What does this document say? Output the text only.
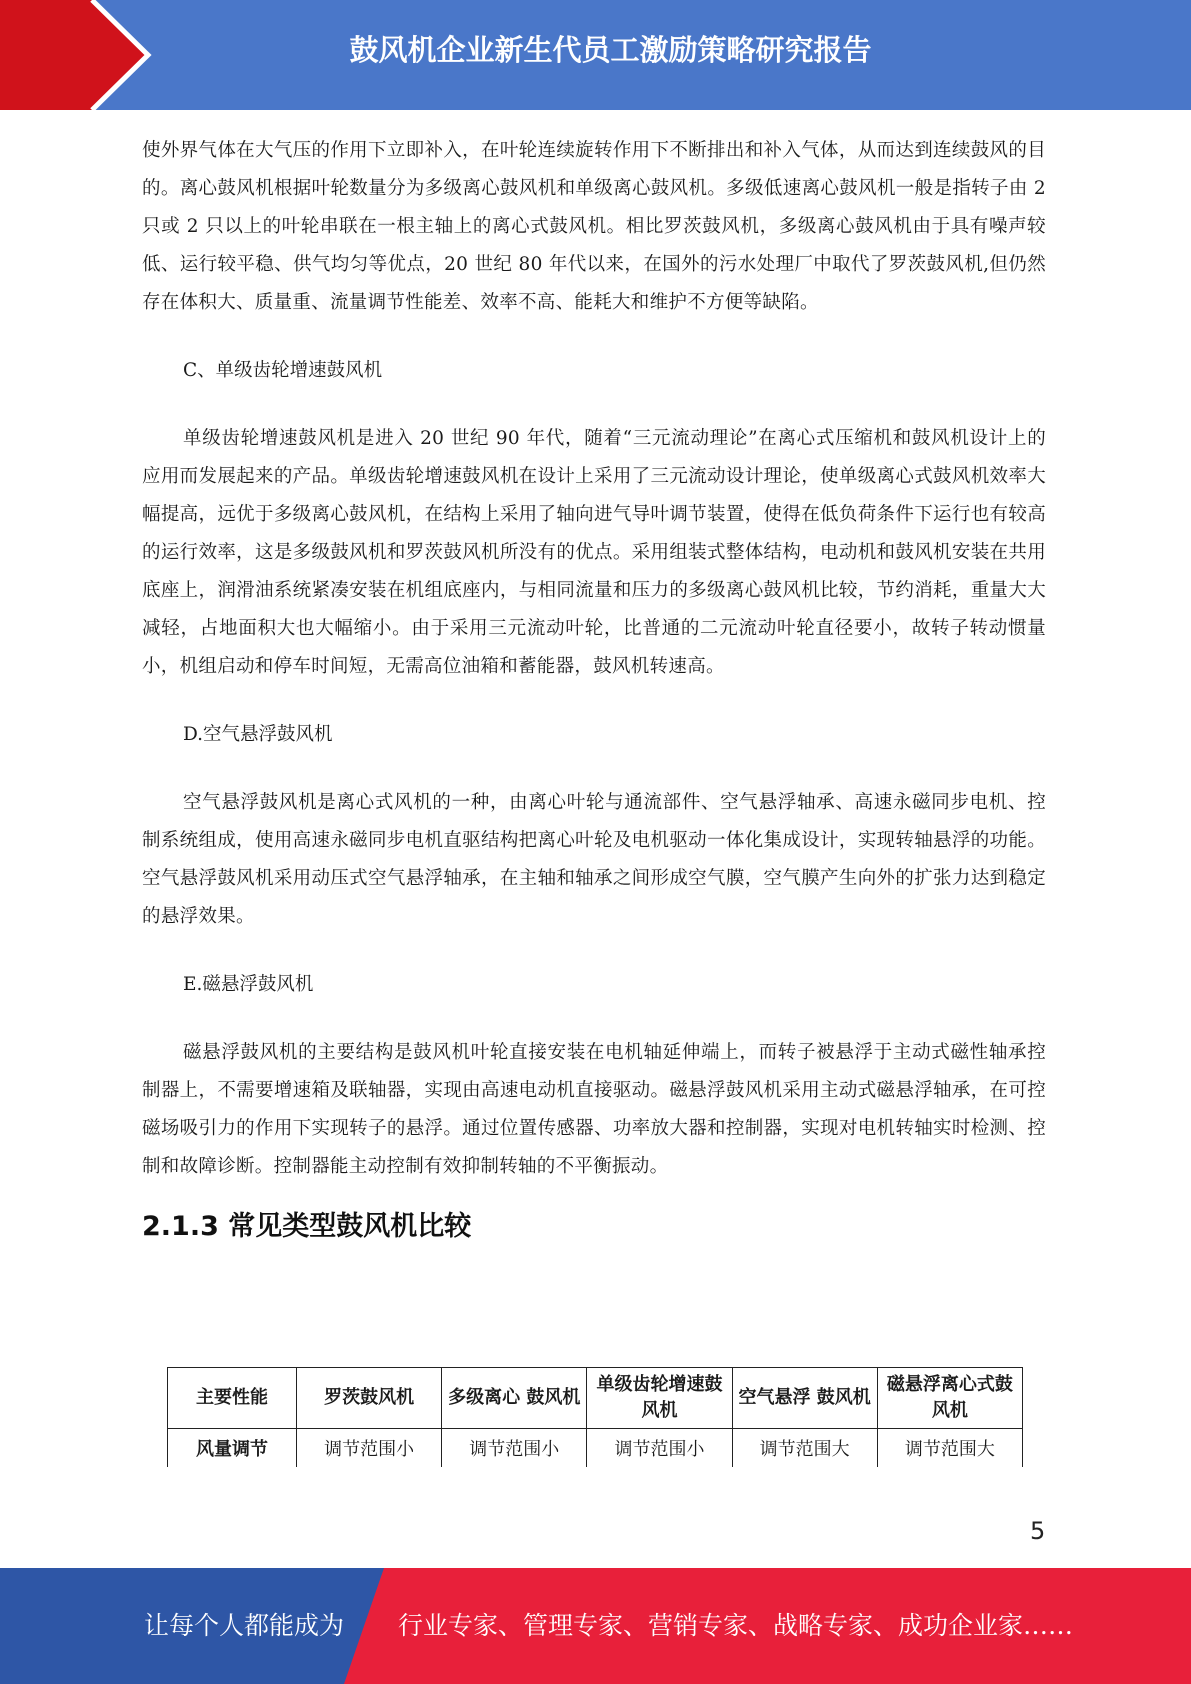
鼓风机企业新生代员工激励策略研究报告

使外界气体在大气压的作用下立即补入，在叶轮连续旋转作用下不断排出和补入气体，从而达到连续鼓风的目的。离心鼓风机根据叶轮数量分为多级离心鼓风机和单级离心鼓风机。多级低速离心鼓风机一般是指转子由 2 只或 2 只以上的叶轮串联在一根主轴上的离心式鼓风机。相比罗茨鼓风机，多级离心鼓风机由于具有噪声较低、运行较平稳、供气均匀等优点，20 世纪 80 年代以来，在国外的污水处理厂中取代了罗茨鼓风机,但仍然存在体积大、质量重、流量调节性能差、效率不高、能耗大和维护不方便等缺陷。

C、单级齿轮增速鼓风机

单级齿轮增速鼓风机是进入 20 世纪 90 年代，随着“三元流动理论”在离心式压缩机和鼓风机设计上的应用而发展起来的产品。单级齿轮增速鼓风机在设计上采用了三元流动设计理论，使单级离心式鼓风机效率大幅提高，远优于多级离心鼓风机，在结构上采用了轴向进气导叶调节装置，使得在低负荷条件下运行也有较高的运行效率，这是多级鼓风机和罗茨鼓风机所没有的优点。采用组装式整体结构，电动机和鼓风机安装在共用底座上，润滑油系统紧凑安装在机组底座内，与相同流量和压力的多级离心鼓风机比较，节约消耗，重量大大减轻，占地面积大也大幅缩小。由于采用三元流动叶轮，比普通的二元流动叶轮直径要小，故转子转动惯量小，机组启动和停车时间短，无需高位油箱和蓄能器，鼓风机转速高。

D.空气悬浮鼓风机

空气悬浮鼓风机是离心式风机的一种，由离心叶轮与通流部件、空气悬浮轴承、高速永磁同步电机、控制系统组成，使用高速永磁同步电机直驱结构把离心叶轮及电机驱动一体化集成设计，实现转轴悬浮的功能。空气悬浮鼓风机采用动压式空气悬浮轴承，在主轴和轴承之间形成空气膜，空气膜产生向外的扩张力达到稳定的悬浮效果。

E.磁悬浮鼓风机

磁悬浮鼓风机的主要结构是鼓风机叶轮直接安装在电机轴延伸端上，而转子被悬浮于主动式磁性轴承控制器上，不需要增速箱及联轴器，实现由高速电动机直接驱动。磁悬浮鼓风机采用主动式磁悬浮轴承，在可控磁场吸引力的作用下实现转子的悬浮。通过位置传感器、功率放大器和控制器，实现对电机转轴实时检测、控制和故障诊断。控制器能主动控制有效抑制转轴的不平衡振动。

2.1.3 常见类型鼓风机比较

主要性能	罗茨鼓风机	多级离心 鼓风机	单级齿轮增速鼓风机	空气悬浮 鼓风机	磁悬浮离心式鼓风机
风量调节	调节范围小	调节范围小	调节范围小	调节范围大	调节范围大
5
让每个人都能成为 行业专家、管理专家、营销专家、战略专家、成功企业家……
